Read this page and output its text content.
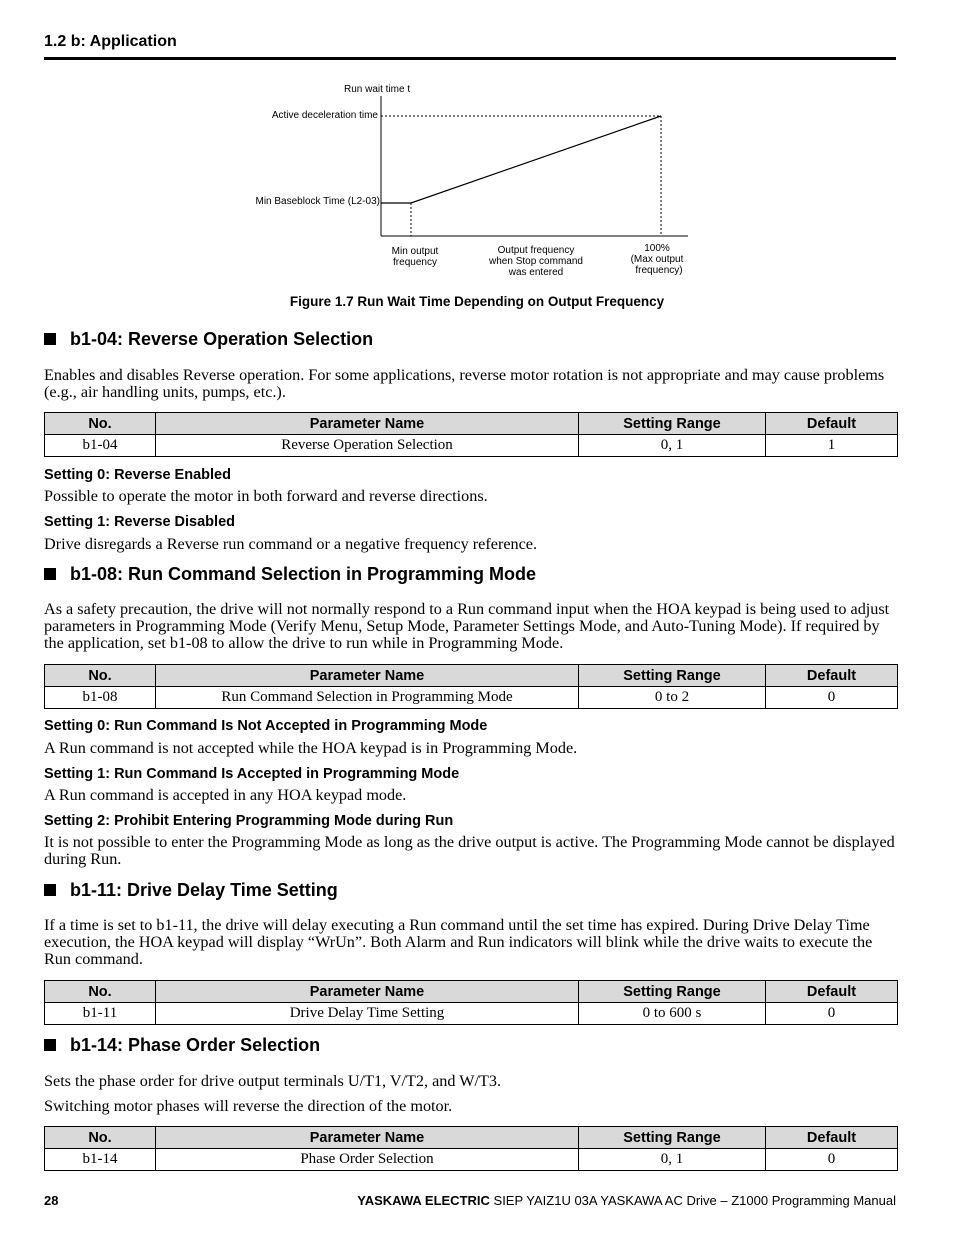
1.2 b: Application
Run wait time t
Active deceleration time
Min Baseblock Time (L2-03)
Min output
frequency
Output frequency
when Stop command
was entered
100%
(Max output
frequency)
Figure 1.7 Run Wait Time Depending on Output Frequency
b1-04: Reverse Operation Selection
Enables and disables Reverse operation. For some applications, reverse motor rotation is not appropriate and may cause problems (e.g., air handling units, pumps, etc.).
No.	Parameter Name	Setting Range	Default
b1-04	Reverse Operation Selection	0, 1	1
Setting 0: Reverse Enabled
Possible to operate the motor in both forward and reverse directions.
Setting 1: Reverse Disabled
Drive disregards a Reverse run command or a negative frequency reference.
b1-08: Run Command Selection in Programming Mode
As a safety precaution, the drive will not normally respond to a Run command input when the HOA keypad is being used to adjust parameters in Programming Mode (Verify Menu, Setup Mode, Parameter Settings Mode, and Auto-Tuning Mode). If required by the application, set b1-08 to allow the drive to run while in Programming Mode.
No.	Parameter Name	Setting Range	Default
b1-08	Run Command Selection in Programming Mode	0 to 2	0
Setting 0: Run Command Is Not Accepted in Programming Mode
A Run command is not accepted while the HOA keypad is in Programming Mode.
Setting 1: Run Command Is Accepted in Programming Mode
A Run command is accepted in any HOA keypad mode.
Setting 2: Prohibit Entering Programming Mode during Run
It is not possible to enter the Programming Mode as long as the drive output is active. The Programming Mode cannot be displayed during Run.
b1-11: Drive Delay Time Setting
If a time is set to b1-11, the drive will delay executing a Run command until the set time has expired. During Drive Delay Time execution, the HOA keypad will display “WrUn”. Both Alarm and Run indicators will blink while the drive waits to execute the Run command.
No.	Parameter Name	Setting Range	Default
b1-11	Drive Delay Time Setting	0 to 600 s	0
b1-14: Phase Order Selection
Sets the phase order for drive output terminals U/T1, V/T2, and W/T3.
Switching motor phases will reverse the direction of the motor.
No.	Parameter Name	Setting Range	Default
b1-14	Phase Order Selection	0, 1	0
28	YASKAWA ELECTRIC SIEP YAIZ1U 03A YASKAWA AC Drive – Z1000 Programming Manual
